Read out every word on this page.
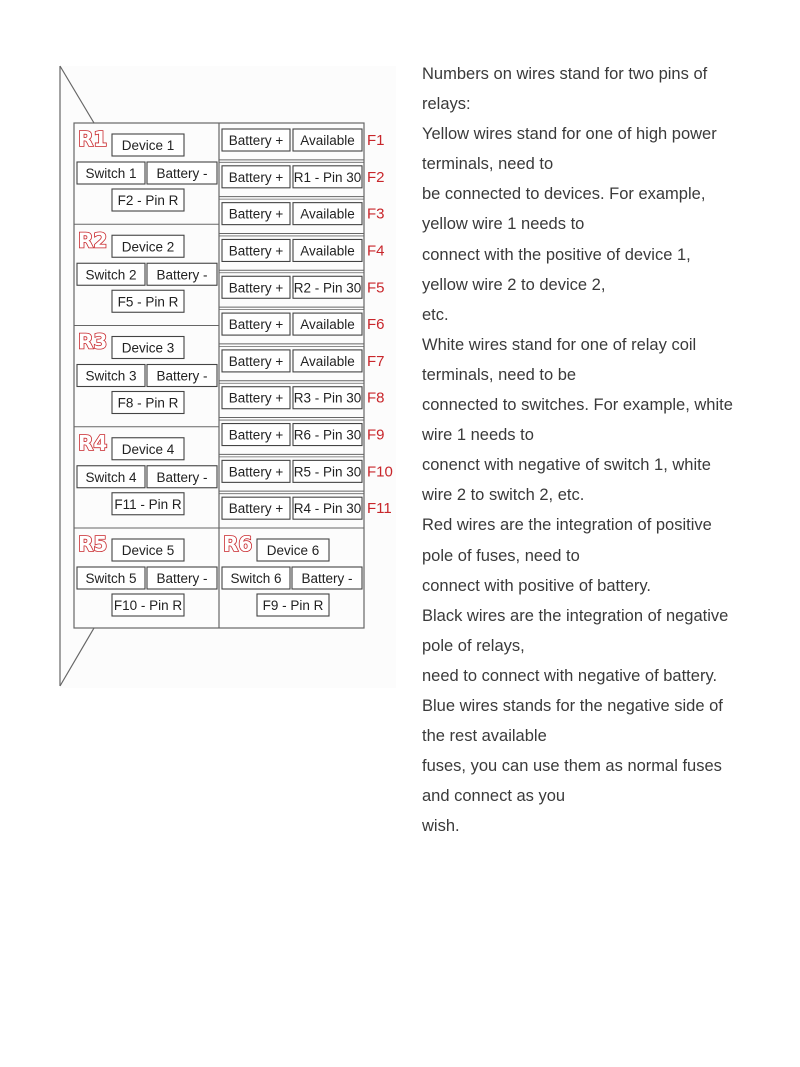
R1 Device 1
Switch 1 Battery -
F2 - Pin R
R2 Device 2
Switch 2 Battery -
F5 - Pin R
R3 Device 3
Switch 3 Battery -
F8 - Pin R
R4 Device 4
Switch 4 Battery -
F11 - Pin R
R5 Device 5
Switch 5 Battery -
F10 - Pin R
R6 Device 6
Switch 6 Battery -
F9 - Pin R
Battery + Available F1
Battery + R1 - Pin 30 F2
Battery + Available F3
Battery + Available F4
Battery + R2 - Pin 30 F5
Battery + Available F6
Battery + Available F7
Battery + R3 - Pin 30 F8
Battery + R6 - Pin 30 F9
Battery + R5 - Pin 30 F10
Battery + R4 - Pin 30 F11
Numbers on wires stand for two pins of
relays:
Yellow wires stand for one of high power
terminals, need to
be connected to devices. For example,
yellow wire 1 needs to
connect with the positive of device 1,
yellow wire 2 to device 2,
etc.
White wires stand for one of relay coil
terminals, need to be
connected to switches. For example, white
wire 1 needs to
conenct with negative of switch 1, white
wire 2 to switch 2, etc.
Red wires are the integration of positive
pole of fuses, need to
connect with positive of battery.
Black wires are the integration of negative
pole of relays,
need to connect with negative of battery.
Blue wires stands for the negative side of
the rest available
fuses, you can use them as normal fuses
and connect as you
wish.
